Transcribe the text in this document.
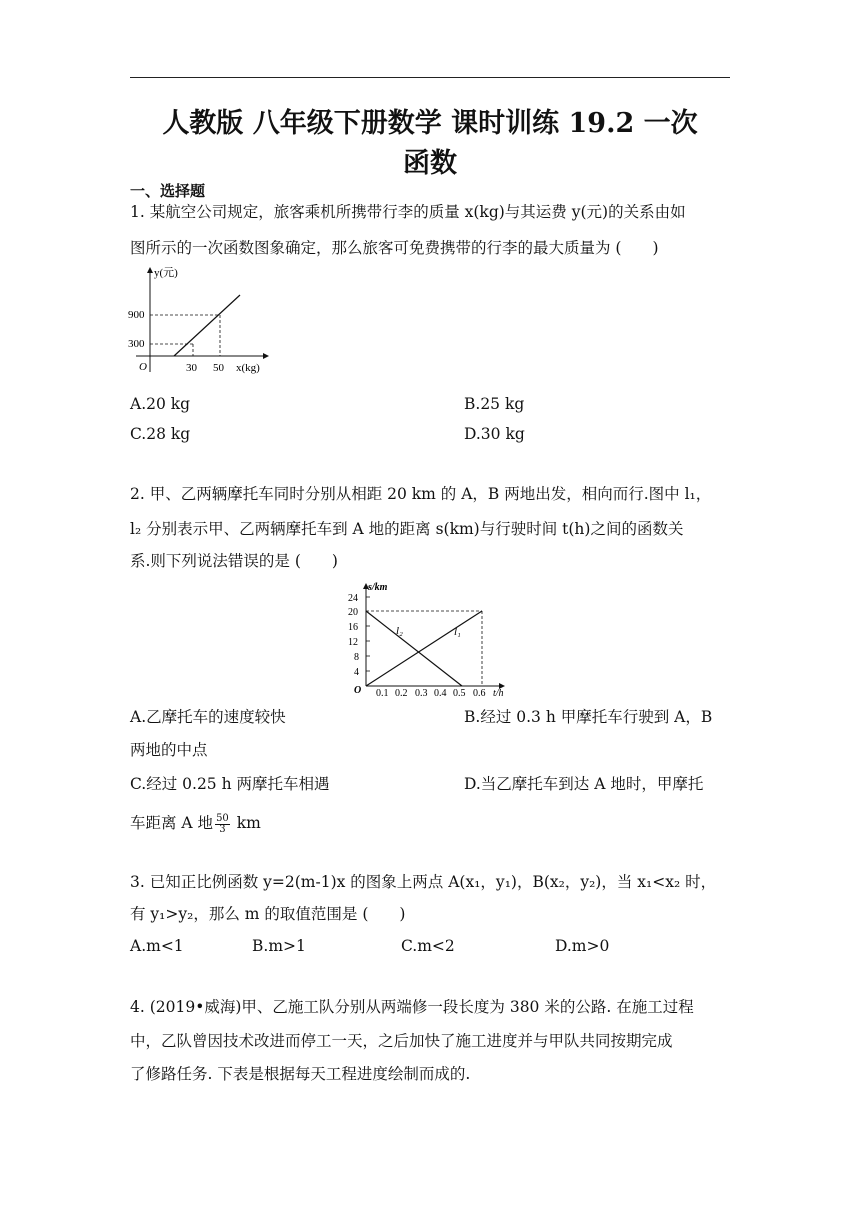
人教版 八年级下册数学 课时训练 19.2 一次
函数
一、选择题
1. 某航空公司规定，旅客乘机所携带行李的质量 x(kg)与其运费 y(元)的关系由如
图所示的一次函数图象确定，那么旅客可免费携带的行李的最大质量为 (　　)
y(元)
900
300
O	30 50 x(kg)
A.20 kg	B.25 kg
C.28 kg	D.30 kg
2. 甲、乙两辆摩托车同时分别从相距 20 km 的 A，B 两地出发，相向而行.图中 l₁，
l₂ 分别表示甲、乙两辆摩托车到 A 地的距离 s(km)与行驶时间 t(h)之间的函数关
系.则下列说法错误的是 (　　)
s/km
24
20
16
12
8
4
O 0.1 0.2 0.3 0.4 0.5 0.6 t/h
l₂	l₁
A.乙摩托车的速度较快	B.经过 0.3 h 甲摩托车行驶到 A，B
两地的中点
C.经过 0.25 h 两摩托车相遇	D.当乙摩托车到达 A 地时，甲摩托
车距离 A 地 $\frac{50}{3}$ km
3. 已知正比例函数 y=2(m-1)x 的图象上两点 A(x₁，y₁)，B(x₂，y₂)，当 x₁<x₂ 时，
有 y₁>y₂，那么 m 的取值范围是 (　　)
A.m<1	B.m>1	C.m<2	D.m>0
4. (2019•威海)甲、乙施工队分别从两端修一段长度为 380 米的公路. 在施工过程
中，乙队曾因技术改进而停工一天，之后加快了施工进度并与甲队共同按期完成
了修路任务. 下表是根据每天工程进度绘制而成的.
